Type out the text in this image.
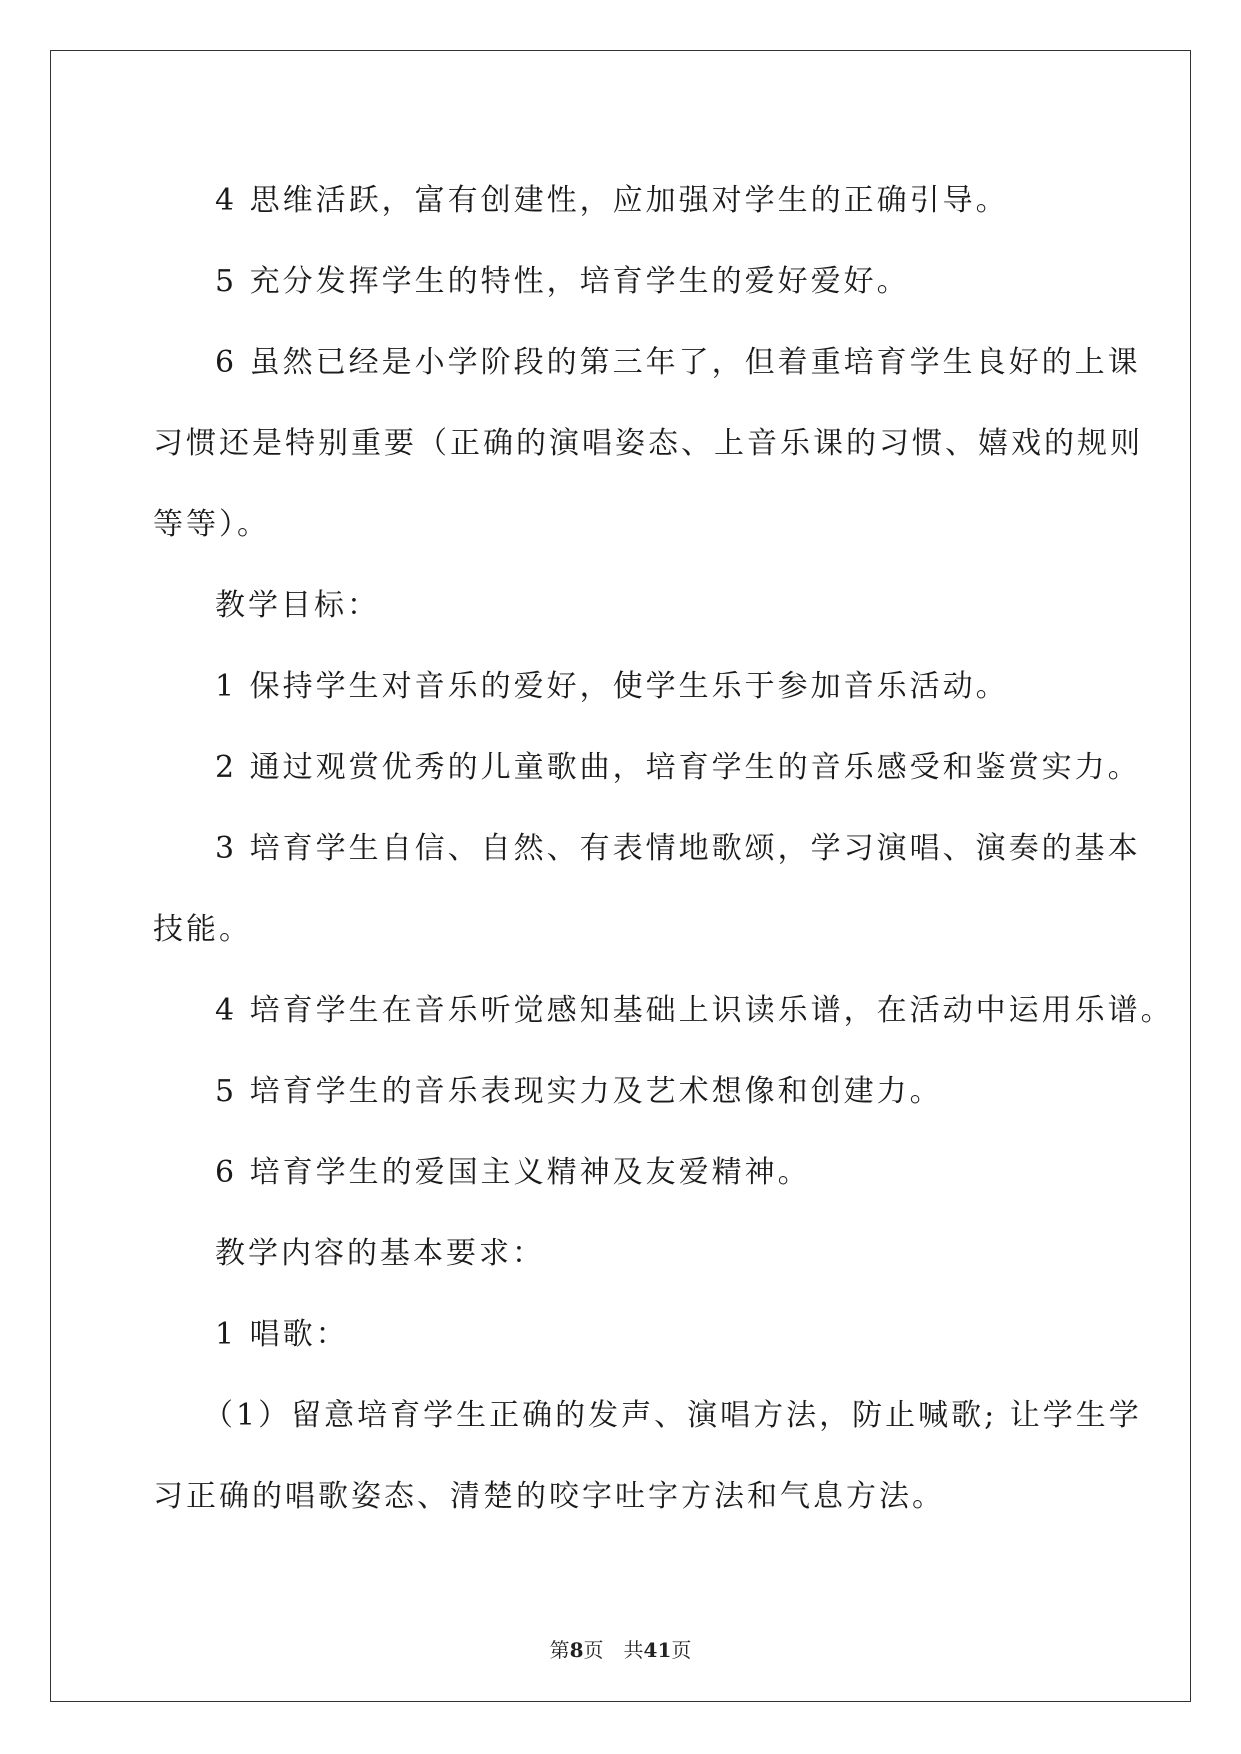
4 思维活跃，富有创建性，应加强对学生的正确引导。

5 充分发挥学生的特性，培育学生的爱好爱好。

6 虽然已经是小学阶段的第三年了，但着重培育学生良好的上课
习惯还是特别重要（正确的演唱姿态、上音乐课的习惯、嬉戏的规则
等等）。

教学目标：

1 保持学生对音乐的爱好，使学生乐于参加音乐活动。

2 通过观赏优秀的儿童歌曲，培育学生的音乐感受和鉴赏实力。

3 培育学生自信、自然、有表情地歌颂，学习演唱、演奏的基本
技能。

4 培育学生在音乐听觉感知基础上识读乐谱，在活动中运用乐谱。

5 培育学生的音乐表现实力及艺术想像和创建力。

6 培育学生的爱国主义精神及友爱精神。

教学内容的基本要求：

1 唱歌：

（1）留意培育学生正确的发声、演唱方法，防止喊歌; 让学生学
习正确的唱歌姿态、清楚的咬字吐字方法和气息方法。

第8页　共41页
